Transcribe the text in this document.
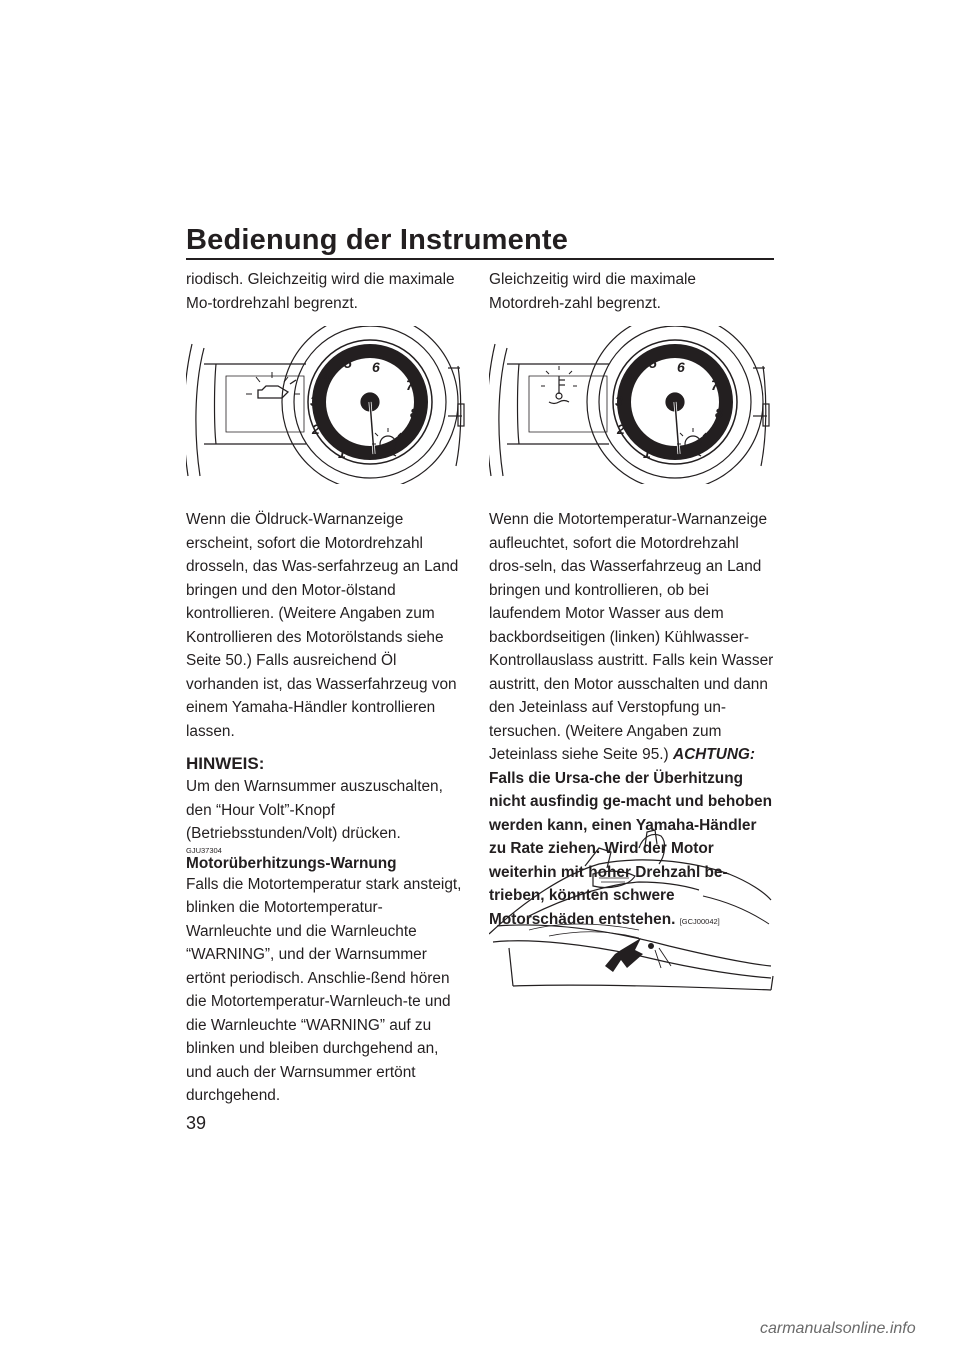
Bedienung der Instrumente

riodisch. Gleichzeitig wird die maximale Mo-tordrehzahl begrenzt.

1
2
3
4
5 6
7
8

Wenn die Öldruck-Warnanzeige erscheint, sofort die Motordrehzahl drosseln, das Was-serfahrzeug an Land bringen und den Motor-ölstand kontrollieren. (Weitere Angaben zum Kontrollieren des Motorölstands siehe Seite 50.) Falls ausreichend Öl vorhanden ist, das Wasserfahrzeug von einem Yamaha-Händler kontrollieren lassen.

HINWEIS:

Um den Warnsummer auszuschalten, den “Hour Volt”-Knopf (Betriebsstunden/Volt) drücken.

GJU37304

Motorüberhitzungs-Warnung

Falls die Motortemperatur stark ansteigt, blinken die Motortemperatur-Warnleuchte und die Warnleuchte “WARNING”, und der Warnsummer ertönt periodisch. Anschlie-ßend hören die Motortemperatur-Warnleuch-te und die Warnleuchte “WARNING” auf zu blinken und bleiben durchgehend an, und auch der Warnsummer ertönt durchgehend.

Gleichzeitig wird die maximale Motordreh-zahl begrenzt.

1
2
3
4
5 6
7
8

Wenn die Motortemperatur-Warnanzeige aufleuchtet, sofort die Motordrehzahl dros-seln, das Wasserfahrzeug an Land bringen und kontrollieren, ob bei laufendem Motor Wasser aus dem backbordseitigen (linken) Kühlwasser-Kontrollauslass austritt. Falls kein Wasser austritt, den Motor ausschalten und dann den Jeteinlass auf Verstopfung un-tersuchen. (Weitere Angaben zum Jeteinlass siehe Seite 95.) ACHTUNG: Falls die Ursa-che der Überhitzung nicht ausfindig ge-macht und behoben werden kann, einen Yamaha-Händler zu Rate ziehen. Wird der Motor weiterhin mit hoher Drehzahl be-trieben, könnten schwere Motorschäden entstehen. [GCJ00042]

39
carmanualsonline.info
